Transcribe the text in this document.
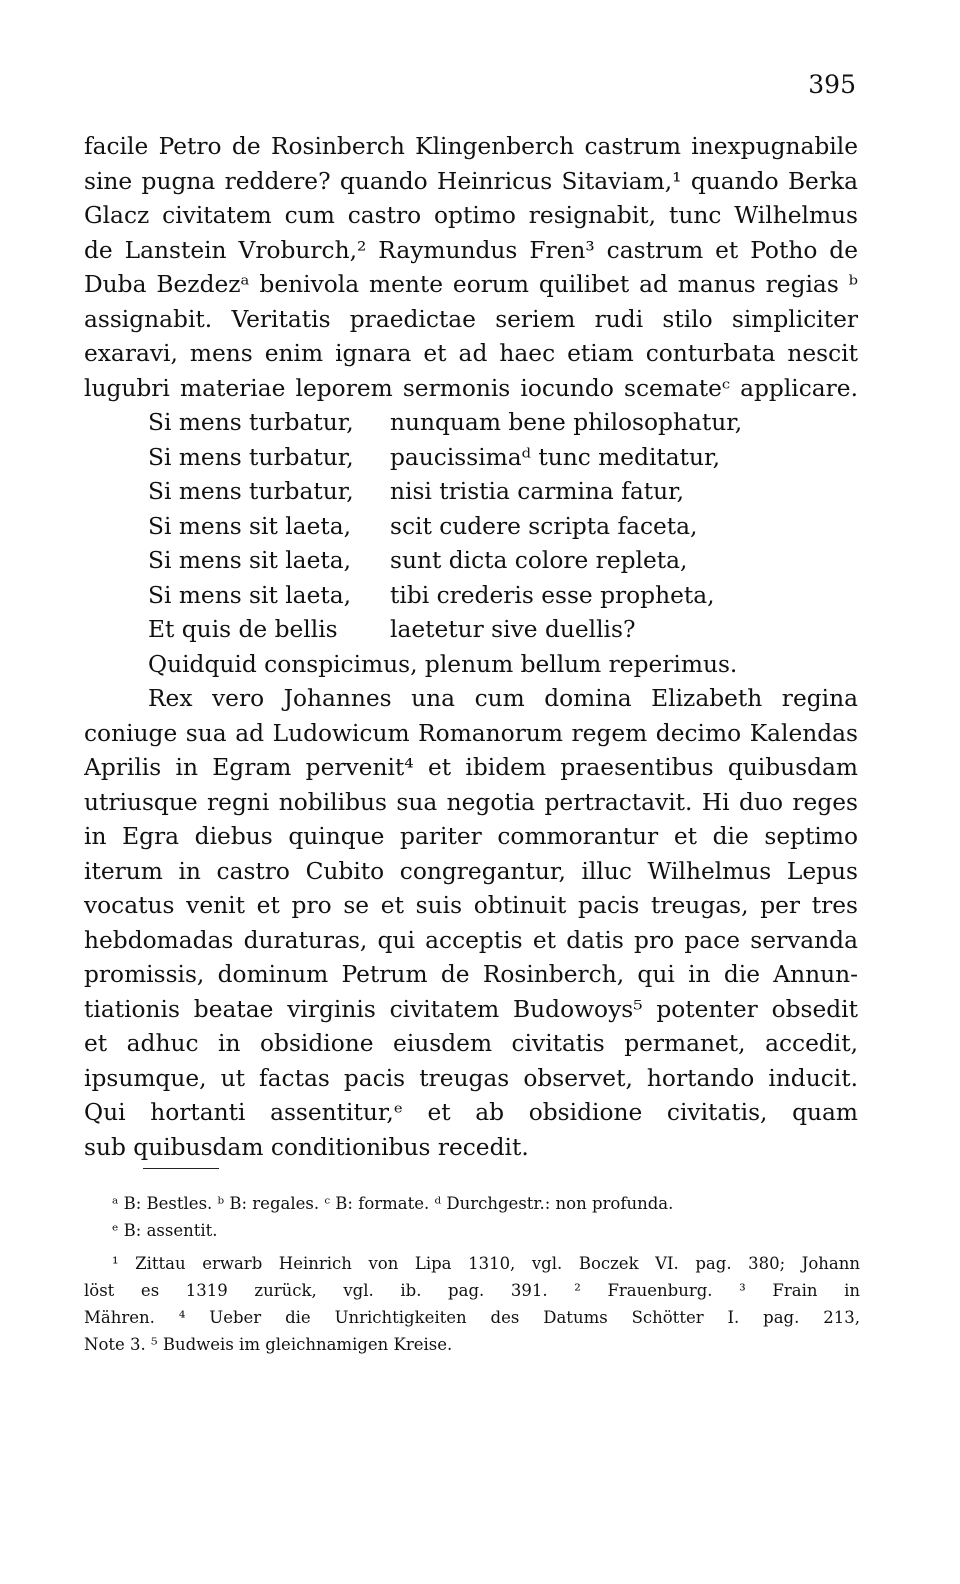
395
facile Petro de Rosinberch Klingenberch castrum inexpugnabile
sine pugna reddere? quando Heinricus Sitaviam,¹ quando Berka
Glacz civitatem cum castro optimo resignabit, tunc Wilhelmus
de Lanstein Vroburch,² Raymundus Fren³ castrum et Potho de
Duba Bezdezᵃ benivola mente eorum quilibet ad manus regias ᵇ
assignabit. Veritatis praedictae seriem rudi stilo simpliciter
exaravi, mens enim ignara et ad haec etiam conturbata nescit
lugubri materiae leporem sermonis iocundo scemateᶜ applicare.
Si mens turbatur,	nunquam bene philosophatur,
Si mens turbatur,	paucissimaᵈ tunc meditatur,
Si mens turbatur,	nisi tristia carmina fatur,
Si mens sit laeta,	scit cudere scripta faceta,
Si mens sit laeta,	sunt dicta colore repleta,
Si mens sit laeta,	tibi crederis esse propheta,
Et quis de bellis	laetetur sive duellis?
Quidquid conspicimus, plenum bellum reperimus.
Rex vero Johannes una cum domina Elizabeth regina
coniuge sua ad Ludowicum Romanorum regem decimo Kalendas
Aprilis in Egram pervenit⁴ et ibidem praesentibus quibusdam
utriusque regni nobilibus sua negotia pertractavit. Hi duo reges
in Egra diebus quinque pariter commorantur et die septimo
iterum in castro Cubito congregantur, illuc Wilhelmus Lepus
vocatus venit et pro se et suis obtinuit pacis treugas, per tres
hebdomadas duraturas, qui acceptis et datis pro pace servanda
promissis, dominum Petrum de Rosinberch, qui in die Annun-
tiationis beatae virginis civitatem Budowoys⁵ potenter obsedit
et adhuc in obsidione eiusdem civitatis permanet, accedit,
ipsumque, ut factas pacis treugas observet, hortando inducit.
Qui hortanti assentitur,ᵉ et ab obsidione civitatis, quam
sub quibusdam conditionibus recedit.
ᵃ B: Bestles. ᵇ B: regales. ᶜ B: formate. ᵈ Durchgestr.: non profunda.
ᵉ B: assentit.
¹ Zittau erwarb Heinrich von Lipa 1310, vgl. Boczek VI. pag. 380; Johann
löst es 1319 zurück, vgl. ib. pag. 391. ² Frauenburg. ³ Frain in
Mähren. ⁴ Ueber die Unrichtigkeiten des Datums Schötter I. pag. 213,
Note 3. ⁵ Budweis im gleichnamigen Kreise.
